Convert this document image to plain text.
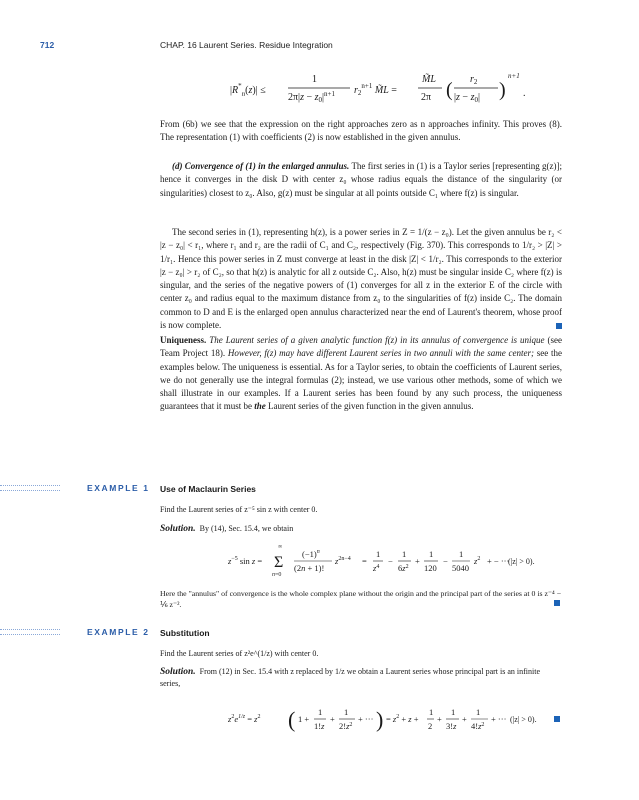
712	CHAP. 16 Laurent Series. Residue Integration
$|R^*_n(z)|$ ≤
1
$2\pi|z - z_0|^{n+1}$ $r_2^{n+1}$ M̃L =
M̃L
2π ( $r_2$
$|z - z_0|$ )
n+1
.

From (6b) we see that the expression on the right approaches zero as n approaches infinity. This proves (8). The representation (1) with coefficients (2) is now established in the given annulus.

(d) Convergence of (1) in the enlarged annulus. The first series in (1) is a Taylor series [representing g(z)]; hence it converges in the disk D with center z₀ whose radius equals the distance of the singularity (or singularities) closest to z₀. Also, g(z) must be singular at all points outside C₁ where f(z) is singular.

The second series in (1), representing h(z), is a power series in Z = 1/(z − z₀). Let the given annulus be r₂ < |z − z₀| < r₁, where r₁ and r₂ are the radii of C₁ and C₂, respectively (Fig. 370). This corresponds to 1/r₂ > |Z| > 1/r₁. Hence this power series in Z must converge at least in the disk |Z| < 1/r₂. This corresponds to the exterior |z − z₀| > r₂ of C₂, so that h(z) is analytic for all z outside C₂. Also, h(z) must be singular inside C₂ where f(z) is singular, and the series of the negative powers of (1) converges for all z in the exterior E of the circle with center z₀ and radius equal to the maximum distance from z₀ to the singularities of f(z) inside C₂. The domain common to D and E is the enlarged open annulus characterized near the end of Laurent's theorem, whose proof is now complete.

Uniqueness. The Laurent series of a given analytic function f(z) in its annulus of convergence is unique (see Team Project 18). However, f(z) may have different Laurent series in two annuli with the same center; see the examples below. The uniqueness is essential. As for a Taylor series, to obtain the coefficients of Laurent series, we do not generally use the integral formulas (2); instead, we use various other methods, some of which we shall illustrate in our examples. If a Laurent series has been found by any such process, the uniqueness guarantees that it must be the Laurent series of the given function in the given annulus.

EXAMPLE 1 Use of Maclaurin Series

Find the Laurent series of z⁻⁵ sin z with center 0.

Solution. By (14), Sec. 15.4, we obtain

$z^{-5}$ sin z =
∞
Σ
n=0
$(-1)^n$
(2n + 1)!
$z^{2n-4}$ =
1
$z^4$
−
1
$6z^2$
+
1
120
−
1
5040
$z^2$ + − ···
(|z| > 0).

Here the "annulus" of convergence is the whole complex plane without the origin and the principal part of the series at 0 is z⁻⁴ − ⅙ z⁻².

EXAMPLE 2 Substitution

Find the Laurent series of z²e^(1/z) with center 0.

Solution. From (12) in Sec. 15.4 with z replaced by 1/z we obtain a Laurent series whose principal part is an infinite series,

$z^2e^{1/z} = z^2$ ( 1 +
1
1!z
+
1
$2!z^2$
+ ··· ) = $z^2 + z$ +
1
2
+
1
3!z
+
1
$4!z^2$
+ ··· (|z| > 0).
